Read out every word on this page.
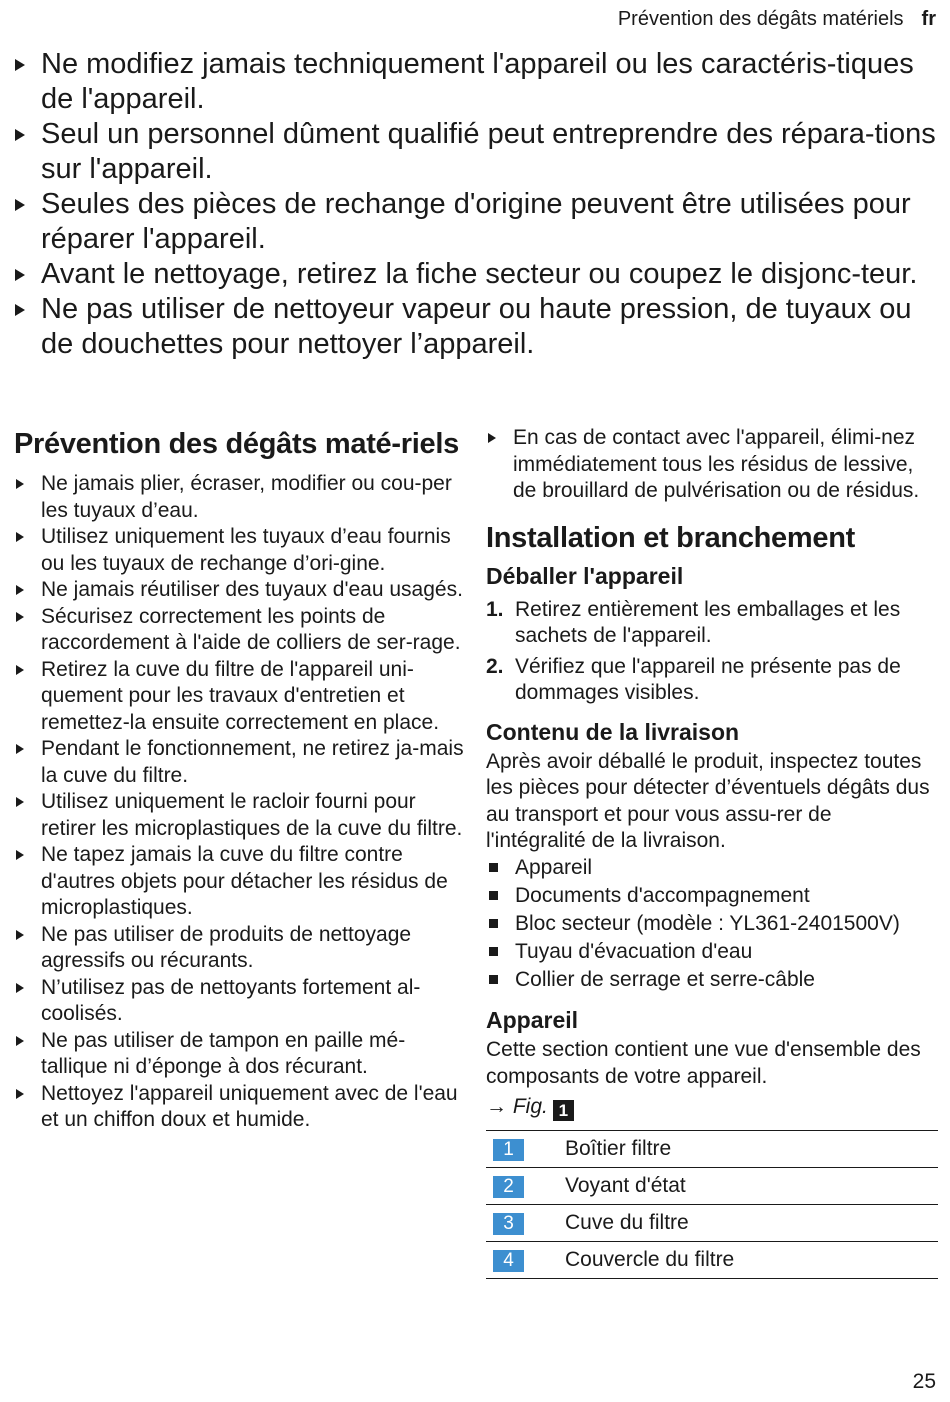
Prévention des dégâts matériels fr
Ne modifiez jamais techniquement l'appareil ou les caractéris-tiques de l'appareil.
Seul un personnel dûment qualifié peut entreprendre des répara-tions sur l'appareil.
Seules des pièces de rechange d'origine peuvent être utilisées pour réparer l'appareil.
Avant le nettoyage, retirez la fiche secteur ou coupez le disjonc-teur.
Ne pas utiliser de nettoyeur vapeur ou haute pression, de tuyaux ou de douchettes pour nettoyer l’appareil.
Prévention des dégâts maté-riels
Ne jamais plier, écraser, modifier ou cou-per les tuyaux d’eau.
Utilisez uniquement les tuyaux d’eau fournis ou les tuyaux de rechange d’ori-gine.
Ne jamais réutiliser des tuyaux d'eau usagés.
Sécurisez correctement les points de raccordement à l'aide de colliers de ser-rage.
Retirez la cuve du filtre de l'appareil uni-quement pour les travaux d'entretien et remettez-la ensuite correctement en place.
Pendant le fonctionnement, ne retirez ja-mais la cuve du filtre.
Utilisez uniquement le racloir fourni pour retirer les microplastiques de la cuve du filtre.
Ne tapez jamais la cuve du filtre contre d'autres objets pour détacher les résidus de microplastiques.
Ne pas utiliser de produits de nettoyage agressifs ou récurants.
N’utilisez pas de nettoyants fortement al-coolisés.
Ne pas utiliser de tampon en paille mé-tallique ni d’éponge à dos récurant.
Nettoyez l'appareil uniquement avec de l'eau et un chiffon doux et humide.
En cas de contact avec l'appareil, élimi-nez immédiatement tous les résidus de lessive, de brouillard de pulvérisation ou de résidus.
Installation et branchement
Déballer l'appareil
1. Retirez entièrement les emballages et les sachets de l'appareil.
2. Vérifiez que l'appareil ne présente pas de dommages visibles.
Contenu de la livraison

Après avoir déballé le produit, inspectez toutes les pièces pour détecter d’éventuels dégâts dus au transport et pour vous assu-rer de l'intégralité de la livraison.

Appareil
Documents d'accompagnement
Bloc secteur (modèle : YL361-2401500V)
Tuyau d'évacuation d'eau
Collier de serrage et serre-câble
Appareil

Cette section contient une vue d'ensemble des composants de votre appareil.

→ Fig. 1
1	Boîtier filtre
2	Voyant d'état
3	Cuve du filtre
4	Couvercle du filtre
25
